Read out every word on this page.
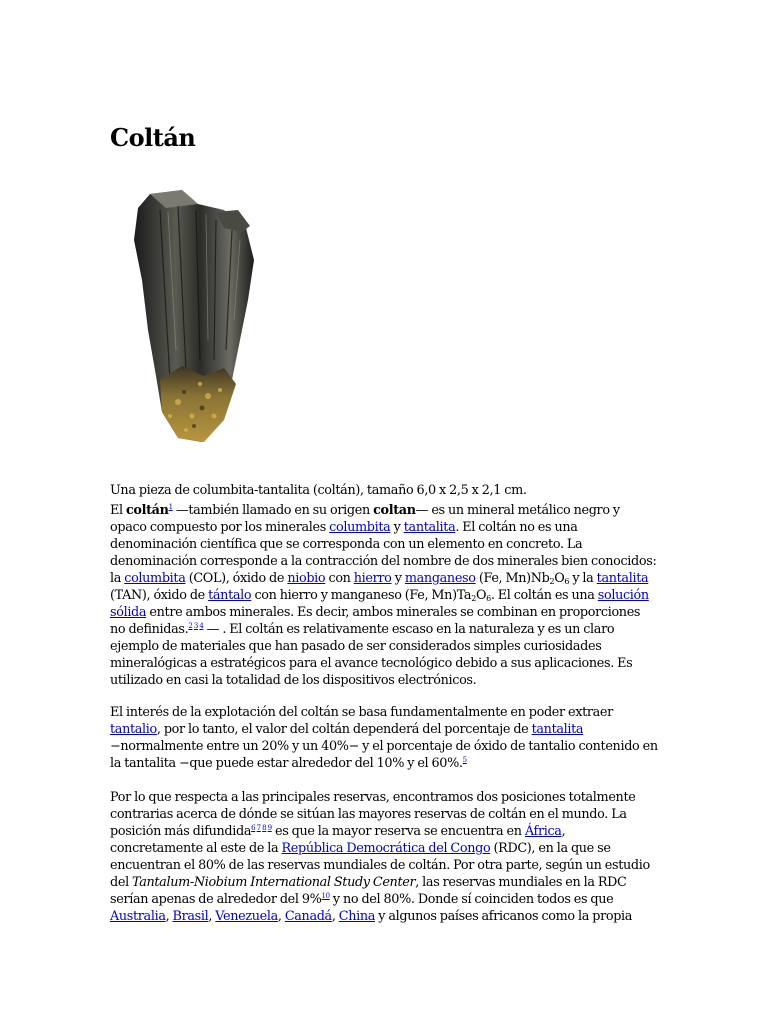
Coltán

Una pieza de columbita-tantalita (coltán), tamaño 6,0 x 2,5 x 2,1 cm.

El coltán$^1$ —también llamado en su origen coltan— es un mineral metálico negro y opaco compuesto por los minerales columbita y tantalita. El coltán no es una denominación científica que se corresponda con un elemento en concreto. La denominación corresponde a la contracción del nombre de dos minerales bien conocidos: la columbita (COL), óxido de niobio con hierro y manganeso (Fe, $Mn)Nb_2O_6$ y la tantalita (TAN), óxido de tántalo con hierro y manganeso (Fe, $Mn)Ta_2O_6$. El coltán es una solución sólida entre ambos minerales. Es decir, ambos minerales se combinan en proporciones no definidas.$^{2 3 4}$ — . El coltán es relativamente escaso en la naturaleza y es un claro ejemplo de materiales que han pasado de ser considerados simples curiosidades mineralógicas a estratégicos para el avance tecnológico debido a sus aplicaciones. Es utilizado en casi la totalidad de los dispositivos electrónicos.

El interés de la explotación del coltán se basa fundamentalmente en poder extraer tantalio, por lo tanto, el valor del coltán dependerá del porcentaje de tantalita −normalmente entre un 20% y un 40%− y el porcentaje de óxido de tantalio contenido en la tantalita −que puede estar alrededor del 10% y el 60%.$^5$

Por lo que respecta a las principales reservas, encontramos dos posiciones totalmente contrarias acerca de dónde se sitúan las mayores reservas de coltán en el mundo. La posición más difundida$^{6 7 8 9}$ es que la mayor reserva se encuentra en África, concretamente al este de la República Democrática del Congo (RDC), en la que se encuentran el 80% de las reservas mundiales de coltán. Por otra parte, según un estudio del Tantalum-Niobium International Study Center, las reservas mundiales en la RDC serían apenas de alrededor del 9%$^{10}$ y no del 80%. Donde sí coinciden todos es que Australia, Brasil, Venezuela, Canadá, China y algunos países africanos como la propia
